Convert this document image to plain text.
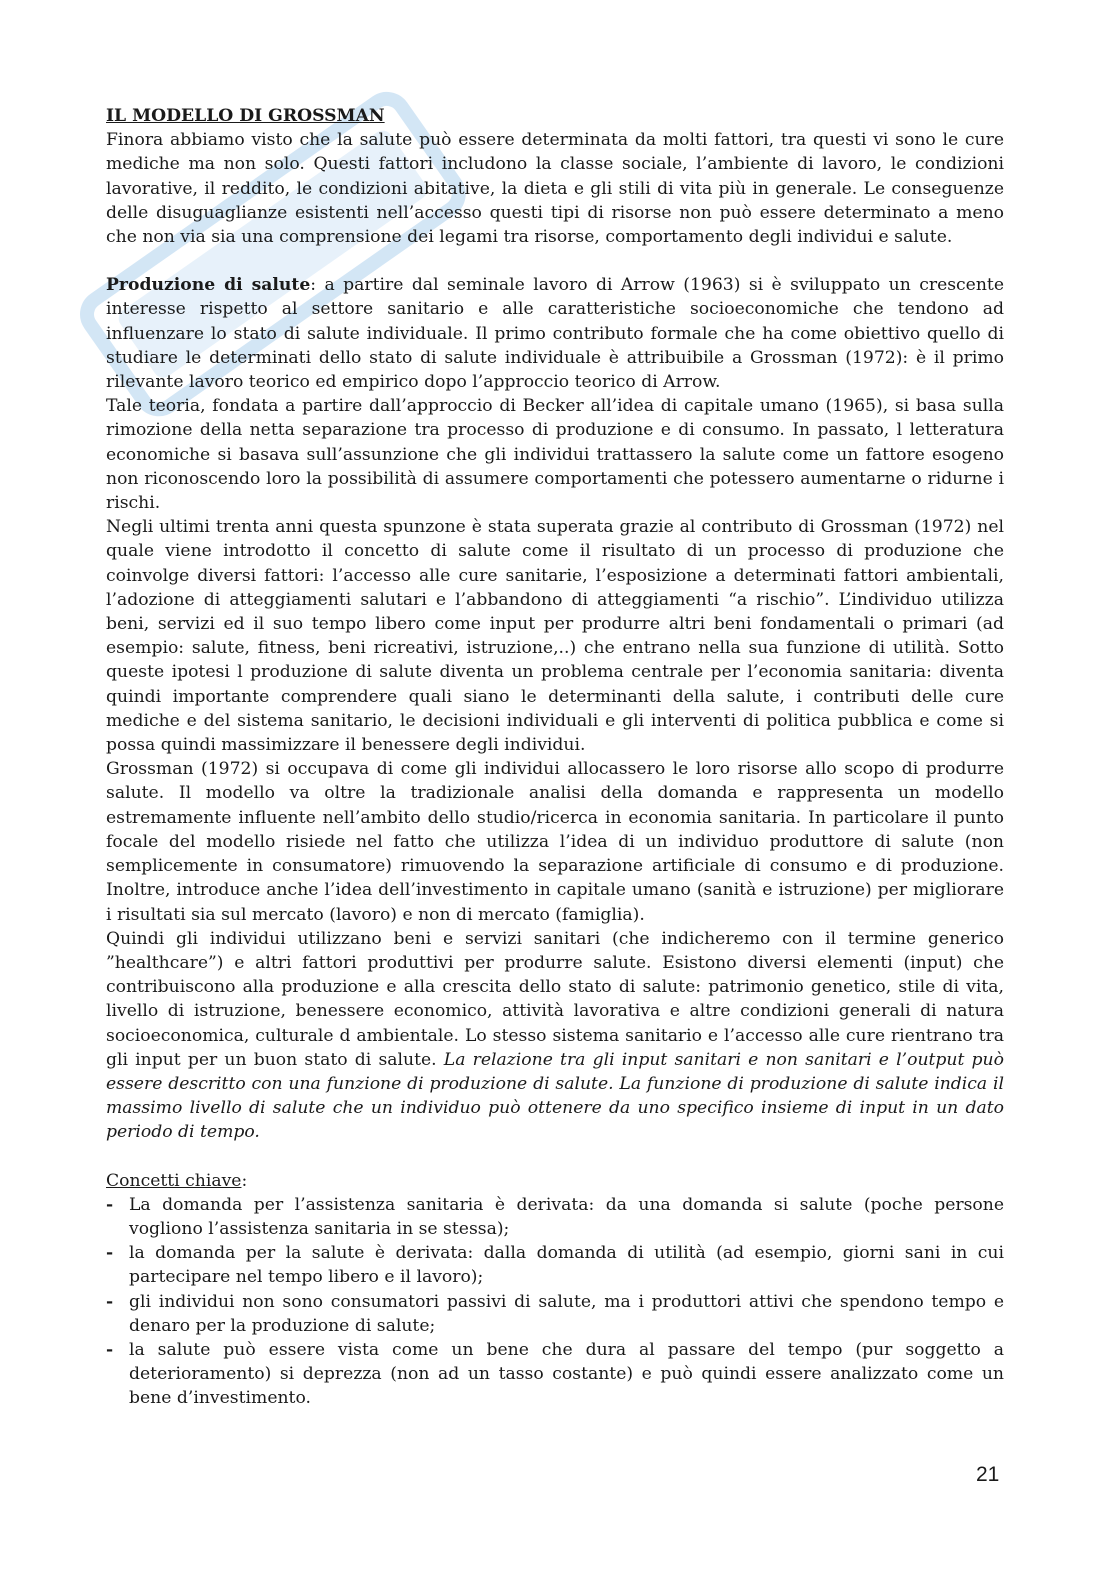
IL MODELLO DI GROSSMAN

Finora abbiamo visto che la salute può essere determinata da molti fattori, tra questi vi sono le cure mediche ma non solo. Questi fattori includono la classe sociale, l’ambiente di lavoro, le condizioni lavorative, il reddito, le condizioni abitative, la dieta e gli stili di vita più in generale. Le conseguenze delle disuguaglianze esistenti nell’accesso questi tipi di risorse non può essere determinato a meno che non via sia una comprensione dei legami tra risorse, comportamento degli individui e salute.

Produzione di salute: a partire dal seminale lavoro di Arrow (1963) si è sviluppato un crescente interesse rispetto al settore sanitario e alle caratteristiche socioeconomiche che tendono ad influenzare lo stato di salute individuale. Il primo contributo formale che ha come obiettivo quello di studiare le determinati dello stato di salute individuale è attribuibile a Grossman (1972): è il primo rilevante lavoro teorico ed empirico dopo l’approccio teorico di Arrow.

Tale teoria, fondata a partire dall’approccio di Becker all’idea di capitale umano (1965), si basa sulla rimozione della netta separazione tra processo di produzione e di consumo. In passato, l letteratura economiche si basava sull’assunzione che gli individui trattassero la salute come un fattore esogeno non riconoscendo loro la possibilità di assumere comportamenti che potessero aumentarne o ridurne i rischi.

Negli ultimi trenta anni questa spunzone è stata superata grazie al contributo di Grossman (1972) nel quale viene introdotto il concetto di salute come il risultato di un processo di produzione che coinvolge diversi fattori: l’accesso alle cure sanitarie, l’esposizione a determinati fattori ambientali, l’adozione di atteggiamenti salutari e l’abbandono di atteggiamenti “a rischio”. L’individuo utilizza beni, servizi ed il suo tempo libero come input per produrre altri beni fondamentali o primari (ad esempio: salute, fitness, beni ricreativi, istruzione,..) che entrano nella sua funzione di utilità. Sotto queste ipotesi l produzione di salute diventa un problema centrale per l’economia sanitaria: diventa quindi importante comprendere quali siano le determinanti della salute, i contributi delle cure mediche e del sistema sanitario, le decisioni individuali e gli interventi di politica pubblica e come si possa quindi massimizzare il benessere degli individui.

Grossman (1972) si occupava di come gli individui allocassero le loro risorse allo scopo di produrre salute. Il modello va oltre la tradizionale analisi della domanda e rappresenta un modello estremamente influente nell’ambito dello studio/ricerca in economia sanitaria. In particolare il punto focale del modello risiede nel fatto che utilizza l’idea di un individuo produttore di salute (non semplicemente in consumatore) rimuovendo la separazione artificiale di consumo e di produzione. Inoltre, introduce anche l’idea dell’investimento in capitale umano (sanità e istruzione) per migliorare i risultati sia sul mercato (lavoro) e non di mercato (famiglia).

Quindi gli individui utilizzano beni e servizi sanitari (che indicheremo con il termine generico ”healthcare”) e altri fattori produttivi per produrre salute. Esistono diversi elementi (input) che contribuiscono alla produzione e alla crescita dello stato di salute: patrimonio genetico, stile di vita, livello di istruzione, benessere economico, attività lavorativa e altre condizioni generali di natura socioeconomica, culturale d ambientale. Lo stesso sistema sanitario e l’accesso alle cure rientrano tra gli input per un buon stato di salute. La relazione tra gli input sanitari e non sanitari e l’output può essere descritto con una funzione di produzione di salute. La funzione di produzione di salute indica il massimo livello di salute che un individuo può ottenere da uno specifico insieme di input in un dato periodo di tempo.

Concetti chiave:

- La domanda per l’assistenza sanitaria è derivata: da una domanda si salute (poche persone vogliono l’assistenza sanitaria in se stessa);
- la domanda per la salute è derivata: dalla domanda di utilità (ad esempio, giorni sani in cui partecipare nel tempo libero e il lavoro);
- gli individui non sono consumatori passivi di salute, ma i produttori attivi che spendono tempo e denaro per la produzione di salute;
- la salute può essere vista come un bene che dura al passare del tempo (pur soggetto a deterioramento) si deprezza (non ad un tasso costante) e può quindi essere analizzato come un bene d’investimento.
21
